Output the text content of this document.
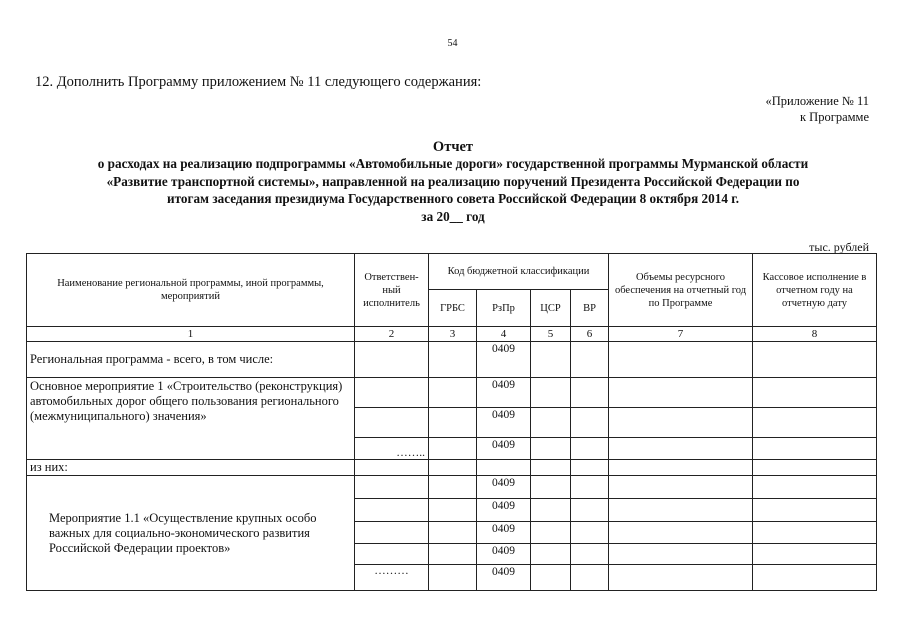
54
12. Дополнить Программу приложением № 11 следующего содержания:
«Приложение № 11
к Программе
Отчет
о расходах на реализацию подпрограммы «Автомобильные дороги» государственной программы Мурманской области
«Развитие транспортной системы», направленной на реализацию поручений Президента Российской Федерации по
итогам заседания президиума Государственного совета Российской Федерации 8 октября 2014 г.
за 20__ год
тыс. рублей
Наименование региональной программы, иной программы, мероприятий	Ответствен-ный исполнитель	Код бюджетной классификации				Объемы ресурсного обеспечения на отчетный год по Программе	Кассовое исполнение в отчетном году на отчетную дату
		ГРБС	РзПр	ЦСР	ВР		
1	2	3	4	5	6	7	8
Региональная программа - всего, в том числе:			0409				
Основное мероприятие 1 «Строительство (реконструкция) автомобильных дорог общего пользования регионального (межмуниципального) значения»			0409				
			0409				
	……..		0409				
из них:							
Мероприятие 1.1 «Осуществление крупных особо важных для социально-экономического развития Российской Федерации проектов»			0409				
			0409				
			0409				
			0409				
	………		0409				
